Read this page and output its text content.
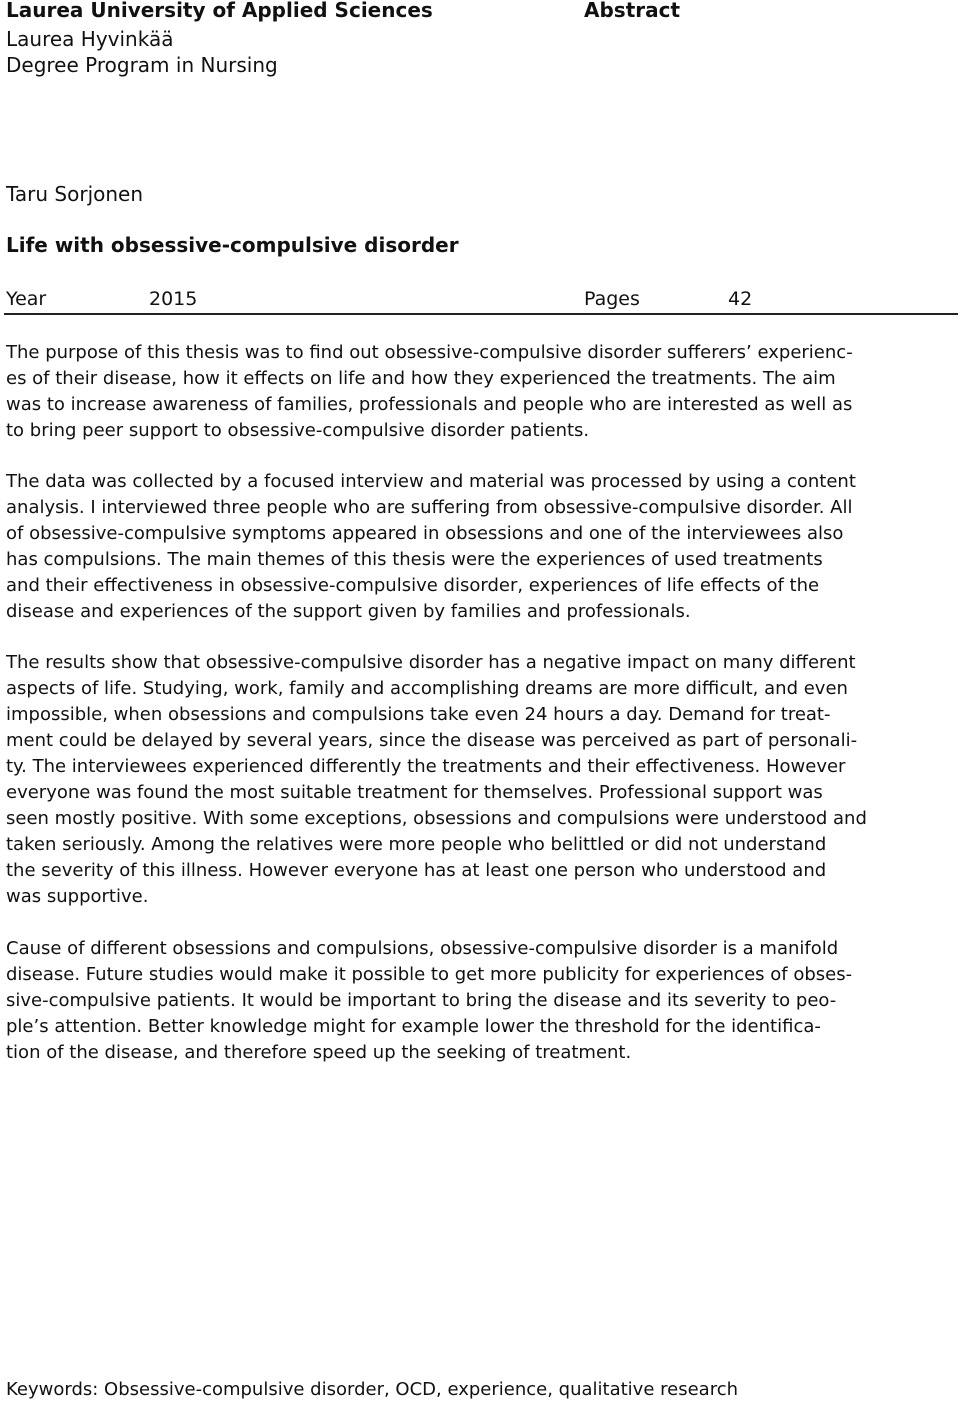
Laurea University of Applied Sciences	Abstract
Laurea Hyvinkää
Degree Program in Nursing
Taru Sorjonen
Life with obsessive-compulsive disorder
Year	2015	Pages	42
The purpose of this thesis was to find out obsessive-compulsive disorder sufferers’ experienc-
es of their disease, how it effects on life and how they experienced the treatments. The aim
was to increase awareness of families, professionals and people who are interested as well as
to bring peer support to obsessive-compulsive disorder patients.
The data was collected by a focused interview and material was processed by using a content
analysis. I interviewed three people who are suffering from obsessive-compulsive disorder. All
of obsessive-compulsive symptoms appeared in obsessions and one of the interviewees also
has compulsions. The main themes of this thesis were the experiences of used treatments
and their effectiveness in obsessive-compulsive disorder, experiences of life effects of the
disease and experiences of the support given by families and professionals.
The results show that obsessive-compulsive disorder has a negative impact on many different
aspects of life. Studying, work, family and accomplishing dreams are more difficult, and even
impossible, when obsessions and compulsions take even 24 hours a day. Demand for treat-
ment could be delayed by several years, since the disease was perceived as part of personali-
ty. The interviewees experienced differently the treatments and their effectiveness. However
everyone was found the most suitable treatment for themselves. Professional support was
seen mostly positive. With some exceptions, obsessions and compulsions were understood and
taken seriously. Among the relatives were more people who belittled or did not understand
the severity of this illness. However everyone has at least one person who understood and
was supportive.
Cause of different obsessions and compulsions, obsessive-compulsive disorder is a manifold
disease. Future studies would make it possible to get more publicity for experiences of obses-
sive-compulsive patients. It would be important to bring the disease and its severity to peo-
ple’s attention. Better knowledge might for example lower the threshold for the identifica-
tion of the disease, and therefore speed up the seeking of treatment.
Keywords: Obsessive-compulsive disorder, OCD, experience, qualitative research
